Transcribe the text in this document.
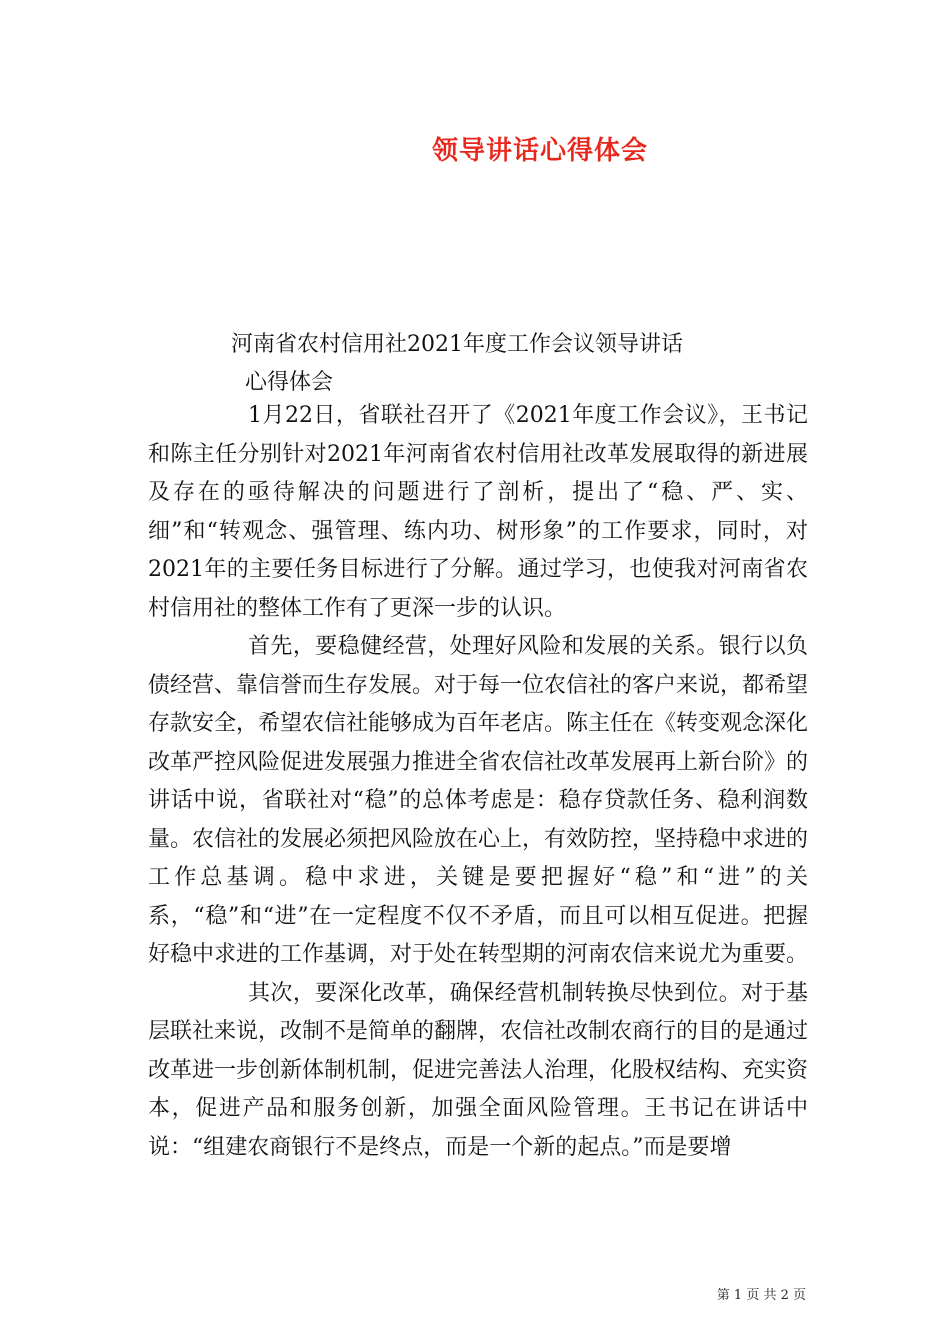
领导讲话心得体会
河南省农村信用社2021年度工作会议领导讲话
心得体会

1月22日，省联社召开了《2021年度工作会议》，王书记和陈主任分别针对2021年河南省农村信用社改革发展取得的新进展及存在的亟待解决的问题进行了剖析，提出了“稳、严、实、细”和“转观念、强管理、练内功、树形象”的工作要求，同时，对2021年的主要任务目标进行了分解。通过学习，也使我对河南省农村信用社的整体工作有了更深一步的认识。

首先，要稳健经营，处理好风险和发展的关系。银行以负债经营、靠信誉而生存发展。对于每一位农信社的客户来说，都希望存款安全，希望农信社能够成为百年老店。陈主任在《转变观念深化改革严控风险促进发展强力推进全省农信社改革发展再上新台阶》的讲话中说，省联社对“稳”的总体考虑是：稳存贷款任务、稳利润数量。农信社的发展必须把风险放在心上，有效防控，坚持稳中求进的工作总基调。稳中求进，关键是要把握好“稳”和“进”的关系，“稳”和“进”在一定程度不仅不矛盾，而且可以相互促进。把握好稳中求进的工作基调，对于处在转型期的河南农信来说尤为重要。

其次，要深化改革，确保经营机制转换尽快到位。对于基层联社来说，改制不是简单的翻牌，农信社改制农商行的目的是通过改革进一步创新体制机制，促进完善法人治理，化股权结构、充实资本，促进产品和服务创新，加强全面风险管理。王书记在讲话中说：“组建农商银行不是终点，而是一个新的起点。”而是要增

第 1 页 共 2 页
